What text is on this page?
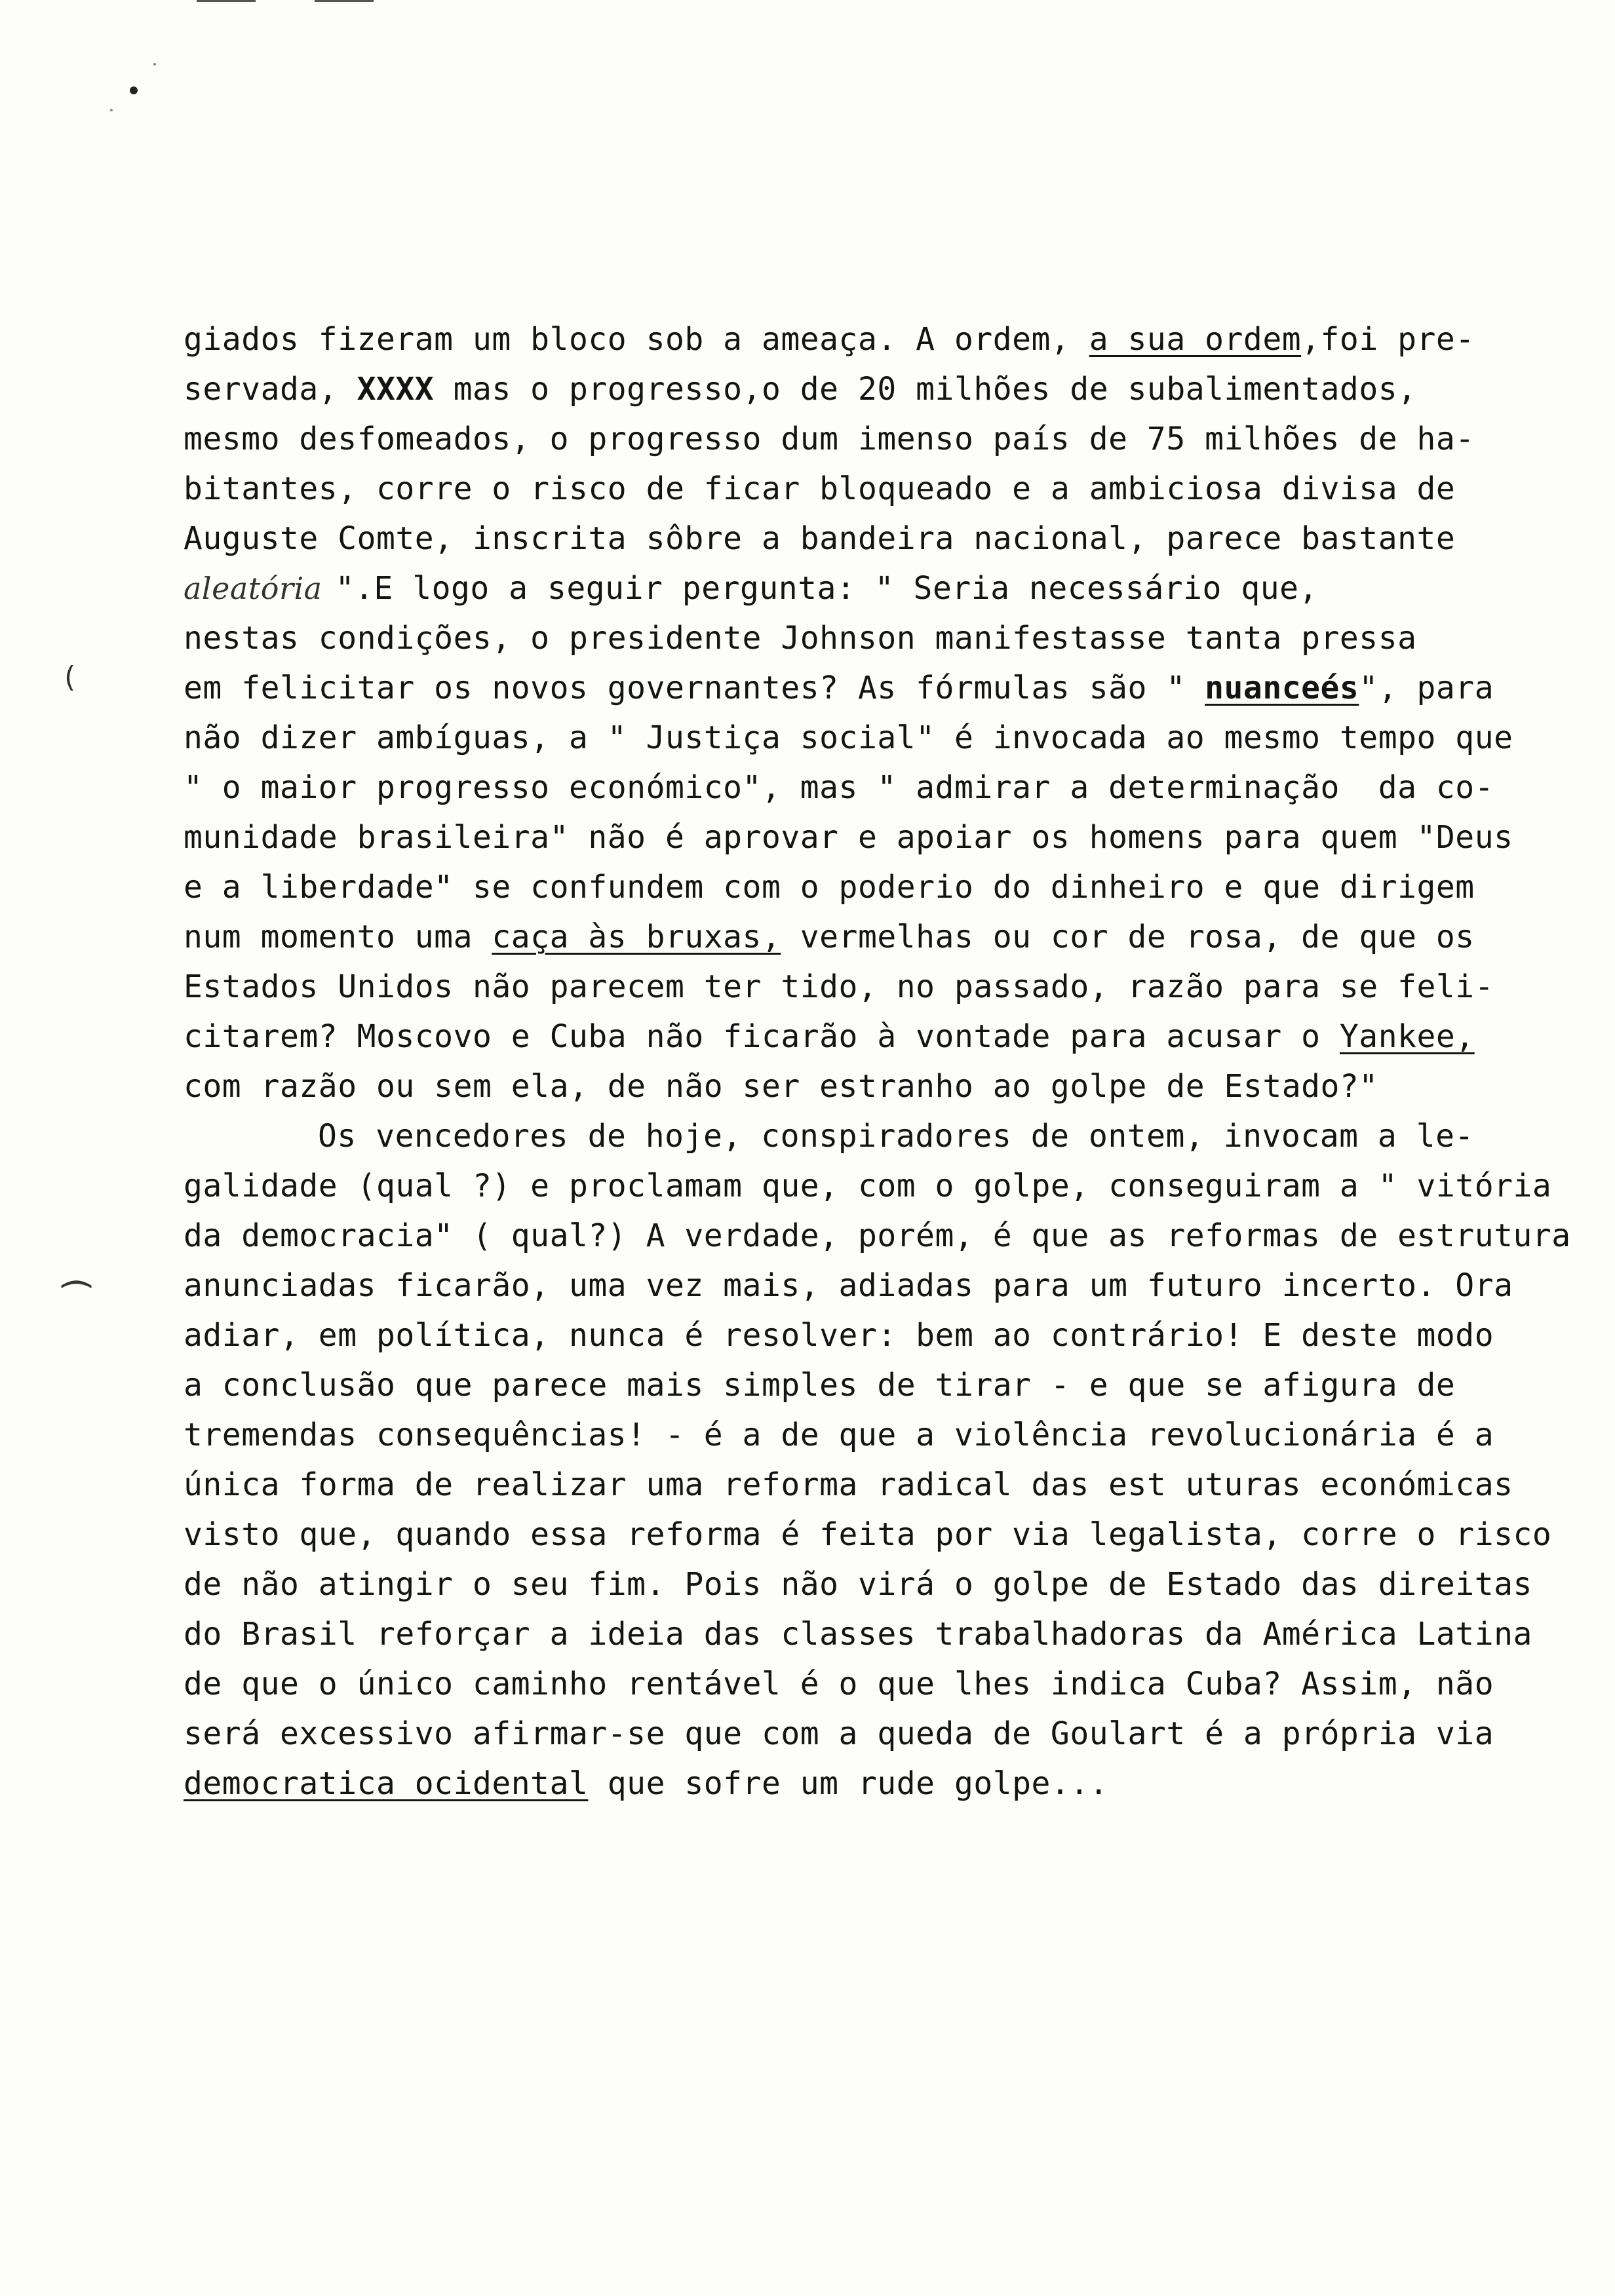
(
)
giados fizeram um bloco sob a ameaça. A ordem, a sua ordem,foi pre-
servada, XXXX mas o progresso,o de 20 milhões de subalimentados,
mesmo desfomeados, o progresso dum imenso país de 75 milhões de ha-
bitantes, corre o risco de ficar bloqueado e a ambiciosa divisa de
Auguste Comte, inscrita sôbre a bandeira nacional, parece bastante
aleatória ".E logo a seguir pergunta: " Seria necessário que,
nestas condições, o presidente Johnson manifestasse tanta pressa
em felicitar os novos governantes? As fórmulas são " nuanceés", para
não dizer ambíguas, a " Justiça social" é invocada ao mesmo tempo que
" o maior progresso económico", mas " admirar a determinação  da co-
munidade brasileira" não é aprovar e apoiar os homens para quem "Deus
e a liberdade" se confundem com o poderio do dinheiro e que dirigem
num momento uma caça às bruxas, vermelhas ou cor de rosa, de que os
Estados Unidos não parecem ter tido, no passado, razão para se feli-
citarem? Moscovo e Cuba não ficarão à vontade para acusar o Yankee,
com razão ou sem ela, de não ser estranho ao golpe de Estado?"
Os vencedores de hoje, conspiradores de ontem, invocam a le-
galidade (qual ?) e proclamam que, com o golpe, conseguiram a " vitória
da democracia" ( qual?) A verdade, porém, é que as reformas de estrutura
anunciadas ficarão, uma vez mais, adiadas para um futuro incerto. Ora
adiar, em política, nunca é resolver: bem ao contrário! E deste modo
a conclusão que parece mais simples de tirar - e que se afigura de
tremendas consequências! - é a de que a violência revolucionária é a
única forma de realizar uma reforma radical das est uturas económicas
visto que, quando essa reforma é feita por via legalista, corre o risco
de não atingir o seu fim. Pois não virá o golpe de Estado das direitas
do Brasil reforçar a ideia das classes trabalhadoras da América Latina
de que o único caminho rentável é o que lhes indica Cuba? Assim, não
será excessivo afirmar-se que com a queda de Goulart é a própria via
democratica ocidental que sofre um rude golpe...
